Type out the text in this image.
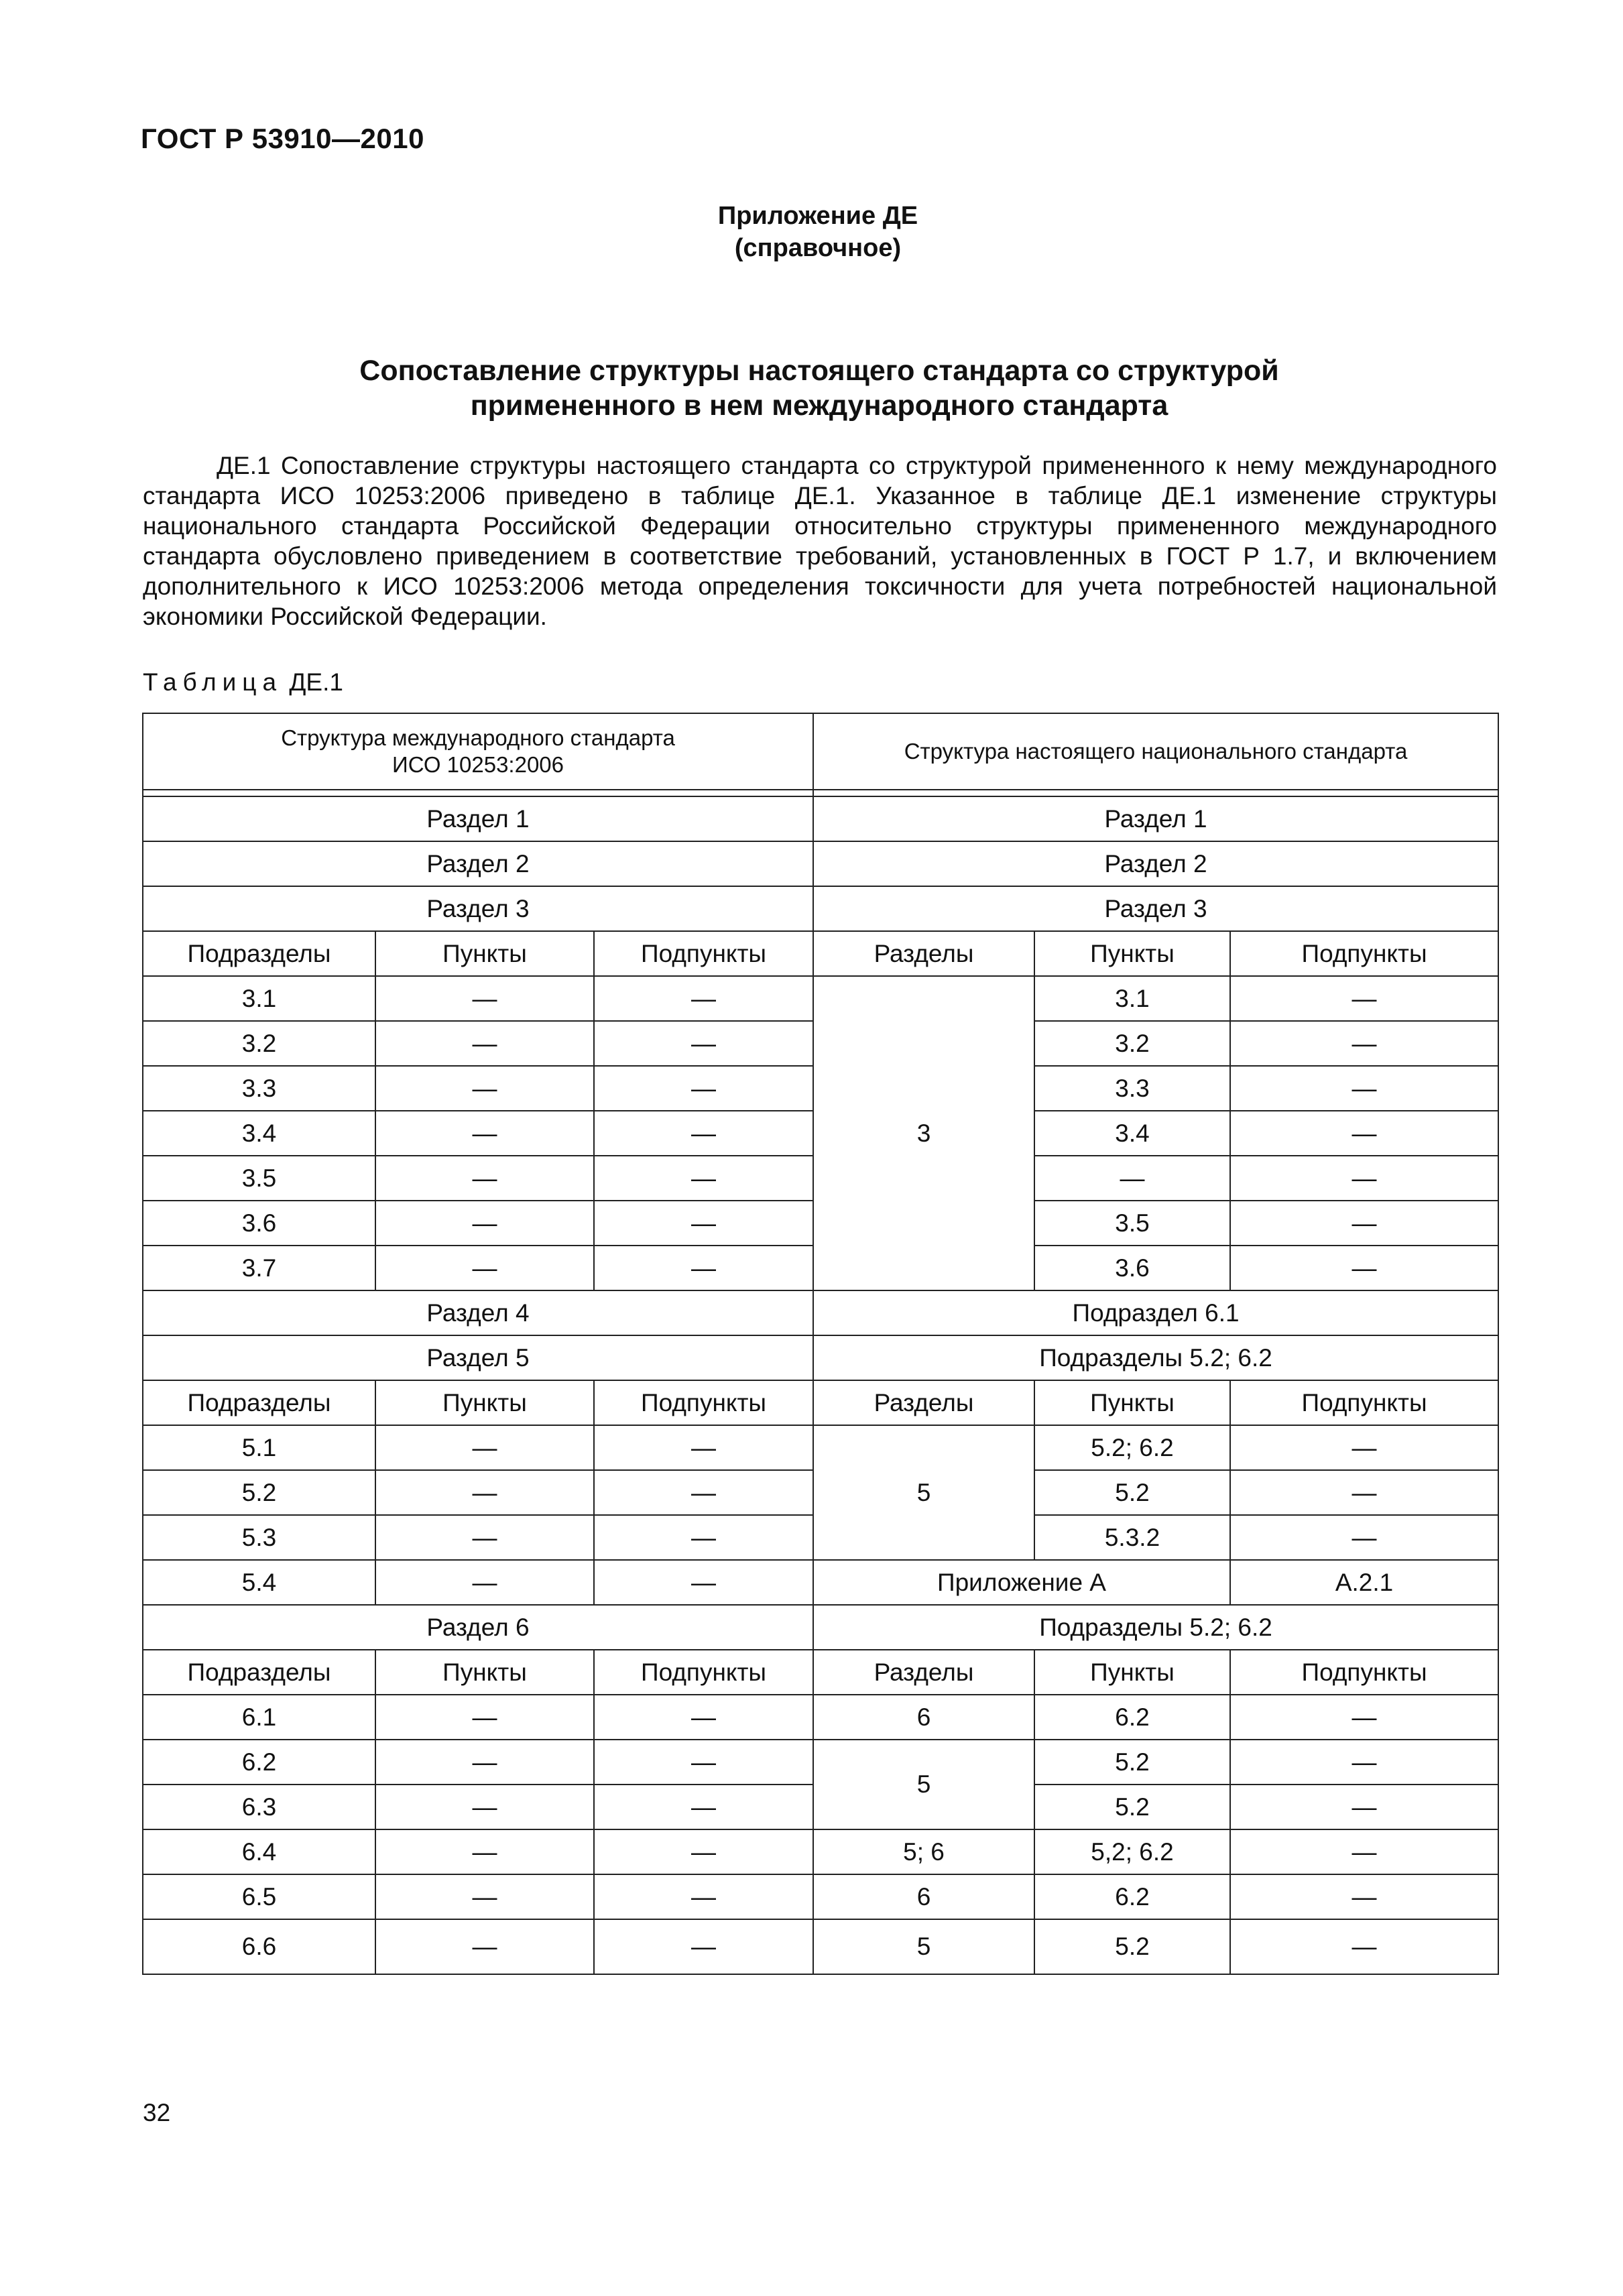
ГОСТ Р 53910—2010
Приложение ДЕ
(справочное)
Сопоставление структуры настоящего стандарта со структурой
примененного в нем международного стандарта
ДЕ.1 Сопоставление структуры настоящего стандарта со структурой примененного к нему международного стандарта ИСО 10253:2006 приведено в таблице ДЕ.1. Указанное в таблице ДЕ.1 изменение структуры национального стандарта Российской Федерации относительно структуры примененного международного стандарта обусловлено приведением в соответствие требований, установленных в ГОСТ Р 1.7, и включением дополнительного к ИСО 10253:2006 метода определения токсичности для учета потребностей национальной экономики Российской Федерации.
Таблица ДЕ.1
Структура международного стандарта
ИСО 10253:2006			Структура настоящего национального стандарта		

Раздел 1			Раздел 1		
Раздел 2			Раздел 2		
Раздел 3			Раздел 3		
Подразделы	Пункты	Подпункты	Разделы	Пункты	Подпункты
3.1	—	—	3	3.1	—
3.2	—	—		3.2	—
3.3	—	—		3.3	—
3.4	—	—		3.4	—
3.5	—	—		—	—
3.6	—	—		3.5	—
3.7	—	—		3.6	—
Раздел 4			Подраздел 6.1		
Раздел 5			Подразделы 5.2; 6.2		
Подразделы	Пункты	Подпункты	Разделы	Пункты	Подпункты
5.1	—	—	5	5.2; 6.2	—
5.2	—	—		5.2	—
5.3	—	—		5.3.2	—
5.4	—	—	Приложение А		А.2.1
Раздел 6			Подразделы 5.2; 6.2		
Подразделы	Пункты	Подпункты	Разделы	Пункты	Подпункты
6.1	—	—	6	6.2	—
6.2	—	—	5	5.2	—
6.3	—	—		5.2	—
6.4	—	—	5; 6	5,2; 6.2	—
6.5	—	—	6	6.2	—
6.6	—	—	5	5.2	—
32
